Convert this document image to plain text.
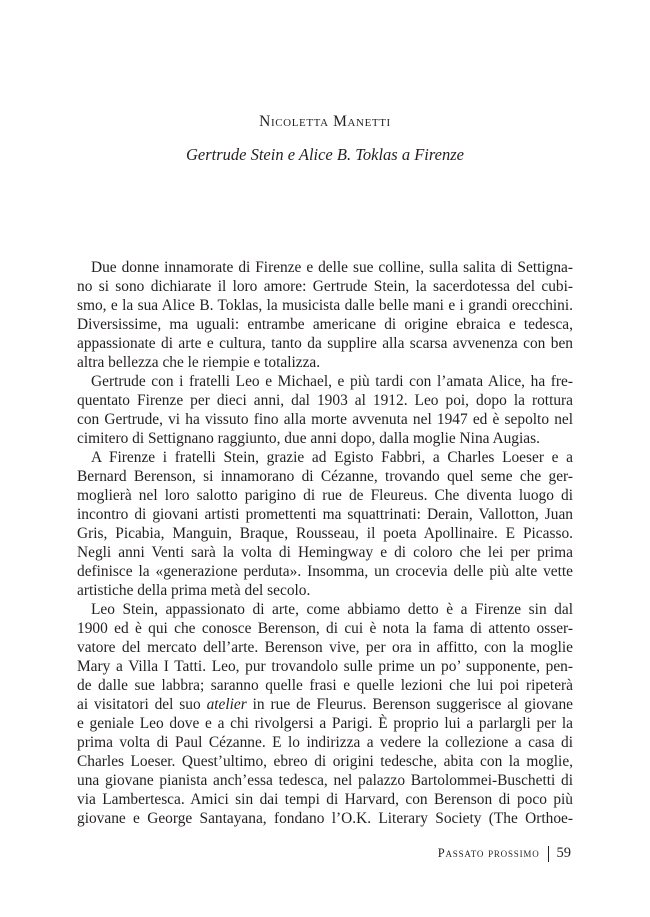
Nicoletta Manetti
Gertrude Stein e Alice B. Toklas a Firenze
Due donne innamorate di Firenze e delle sue colline, sulla salita di Settigna-
no si sono dichiarate il loro amore: Gertrude Stein, la sacerdotessa del cubi-
smo, e la sua Alice B. Toklas, la musicista dalle belle mani e i grandi orecchini.
Diversissime, ma uguali: entrambe americane di origine ebraica e tedesca,
appassionate di arte e cultura, tanto da supplire alla scarsa avvenenza con ben
altra bellezza che le riempie e totalizza.
Gertrude con i fratelli Leo e Michael, e più tardi con l’amata Alice, ha fre-
quentato Firenze per dieci anni, dal 1903 al 1912. Leo poi, dopo la rottura
con Gertrude, vi ha vissuto fino alla morte avvenuta nel 1947 ed è sepolto nel
cimitero di Settignano raggiunto, due anni dopo, dalla moglie Nina Augias.
A Firenze i fratelli Stein, grazie ad Egisto Fabbri, a Charles Loeser e a
Bernard Berenson, si innamorano di Cézanne, trovando quel seme che ger-
moglierà nel loro salotto parigino di rue de Fleureus. Che diventa luogo di
incontro di giovani artisti promettenti ma squattrinati: Derain, Vallotton, Juan
Gris, Picabia, Manguin, Braque, Rousseau, il poeta Apollinaire. E Picasso.
Negli anni Venti sarà la volta di Hemingway e di coloro che lei per prima
definisce la «generazione perduta». Insomma, un crocevia delle più alte vette
artistiche della prima metà del secolo.
Leo Stein, appassionato di arte, come abbiamo detto è a Firenze sin dal
1900 ed è qui che conosce Berenson, di cui è nota la fama di attento osser-
vatore del mercato dell’arte. Berenson vive, per ora in affitto, con la moglie
Mary a Villa I Tatti. Leo, pur trovandolo sulle prime un po’ supponente, pen-
de dalle sue labbra; saranno quelle frasi e quelle lezioni che lui poi ripeterà
ai visitatori del suo atelier in rue de Fleurus. Berenson suggerisce al giovane
e geniale Leo dove e a chi rivolgersi a Parigi. È proprio lui a parlargli per la
prima volta di Paul Cézanne. E lo indirizza a vedere la collezione a casa di
Charles Loeser. Quest’ultimo, ebreo di origini tedesche, abita con la moglie,
una giovane pianista anch’essa tedesca, nel palazzo Bartolommei-Buschetti di
via Lambertesca. Amici sin dai tempi di Harvard, con Berenson di poco più
giovane e George Santayana, fondano l’O.K. Literary Society (The Orthoe-
Passato prossimo 59
